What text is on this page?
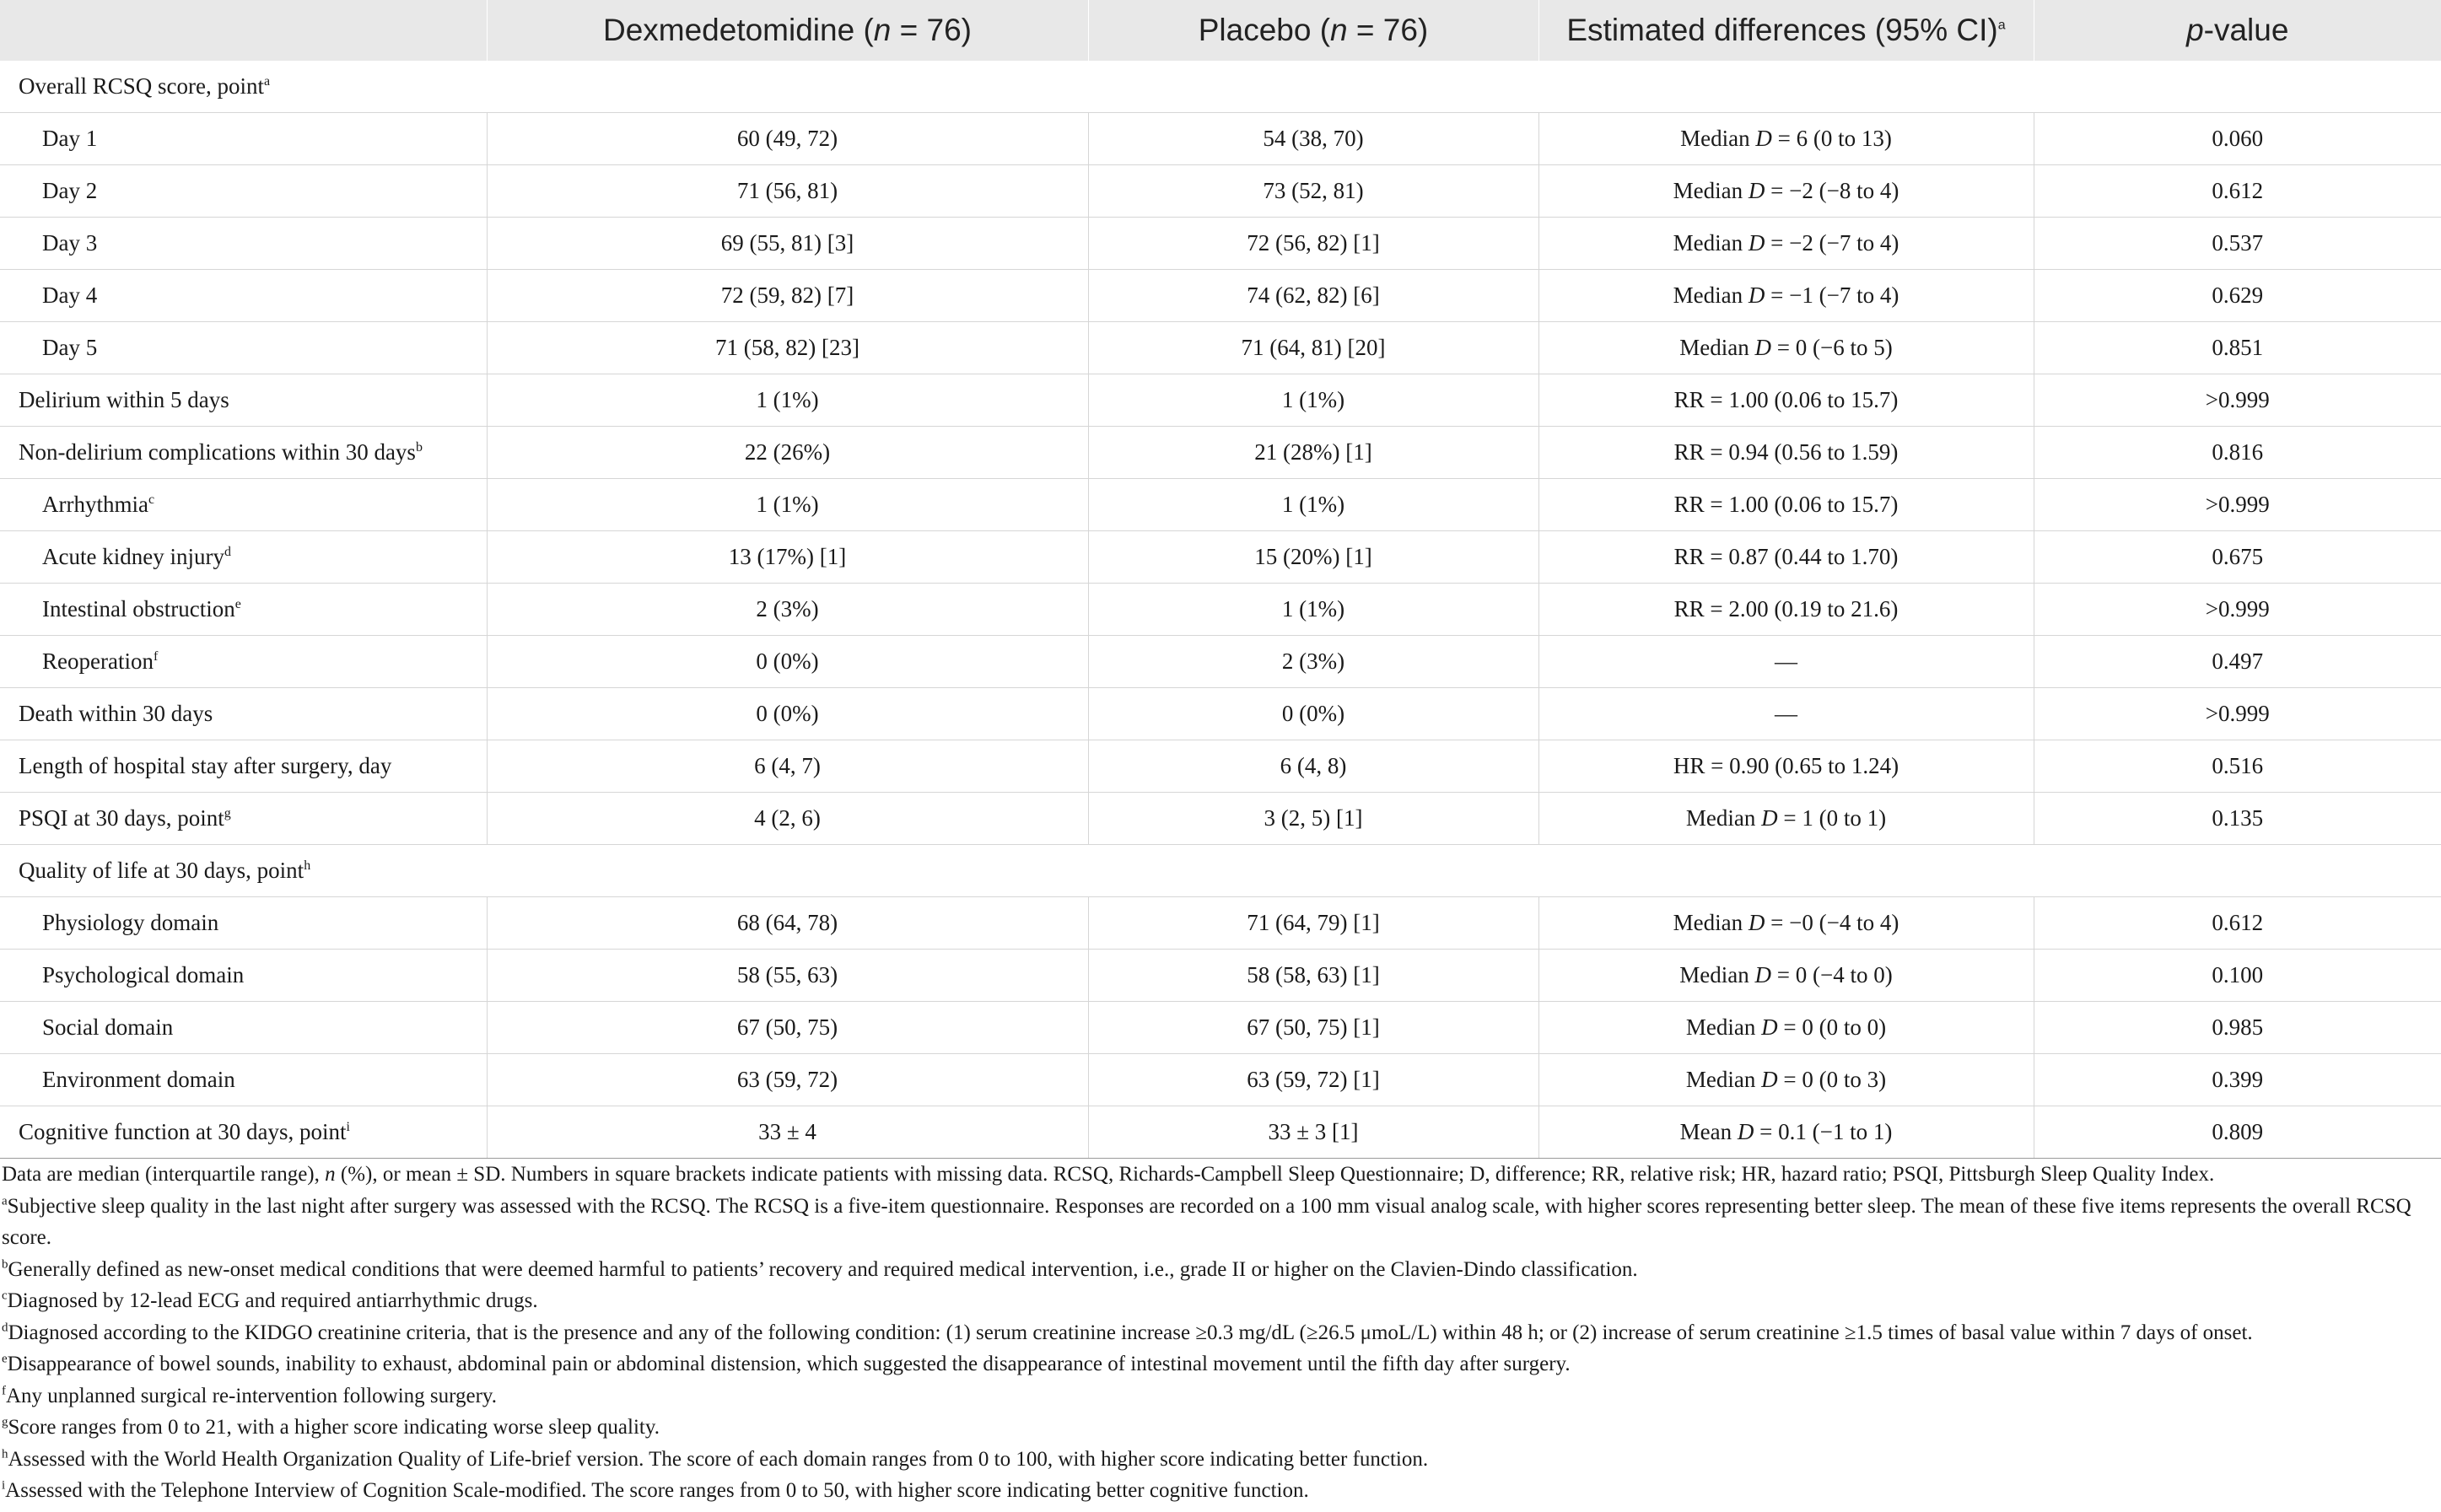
	Dexmedetomidine (n = 76)	Placebo (n = 76)	Estimated differences (95% CI)$^a$	p-value
Overall RCSQ score, point$^a$
Day 1	60 (49, 72)	54 (38, 70)	Median D = 6 (0 to 13)	0.060
Day 2	71 (56, 81)	73 (52, 81)	Median D = −2 (−8 to 4)	0.612
Day 3	69 (55, 81) [3]	72 (56, 82) [1]	Median D = −2 (−7 to 4)	0.537
Day 4	72 (59, 82) [7]	74 (62, 82) [6]	Median D = −1 (−7 to 4)	0.629
Day 5	71 (58, 82) [23]	71 (64, 81) [20]	Median D = 0 (−6 to 5)	0.851
Delirium within 5 days	1 (1%)	1 (1%)	RR = 1.00 (0.06 to 15.7)	>0.999
Non-delirium complications within 30 days$^b$	22 (26%)	21 (28%) [1]	RR = 0.94 (0.56 to 1.59)	0.816
Arrhythmia$^c$	1 (1%)	1 (1%)	RR = 1.00 (0.06 to 15.7)	>0.999
Acute kidney injury$^d$	13 (17%) [1]	15 (20%) [1]	RR = 0.87 (0.44 to 1.70)	0.675
Intestinal obstruction$^e$	2 (3%)	1 (1%)	RR = 2.00 (0.19 to 21.6)	>0.999
Reoperation$^f$	0 (0%)	2 (3%)	—	0.497
Death within 30 days	0 (0%)	0 (0%)	—	>0.999
Length of hospital stay after surgery, day	6 (4, 7)	6 (4, 8)	HR = 0.90 (0.65 to 1.24)	0.516
PSQI at 30 days, point$^g$	4 (2, 6)	3 (2, 5) [1]	Median D = 1 (0 to 1)	0.135
Quality of life at 30 days, point$^h$
Physiology domain	68 (64, 78)	71 (64, 79) [1]	Median D = −0 (−4 to 4)	0.612
Psychological domain	58 (55, 63)	58 (58, 63) [1]	Median D = 0 (−4 to 0)	0.100
Social domain	67 (50, 75)	67 (50, 75) [1]	Median D = 0 (0 to 0)	0.985
Environment domain	63 (59, 72)	63 (59, 72) [1]	Median D = 0 (0 to 3)	0.399
Cognitive function at 30 days, point$^i$	33 ± 4	33 ± 3 [1]	Mean D = 0.1 (−1 to 1)	0.809

Data are median (interquartile range), n (%), or mean ± SD. Numbers in square brackets indicate patients with missing data. RCSQ, Richards-Campbell Sleep Questionnaire; D, difference; RR, relative risk; HR, hazard ratio; PSQI, Pittsburgh Sleep Quality Index.

$^a$Subjective sleep quality in the last night after surgery was assessed with the RCSQ. The RCSQ is a five-item questionnaire. Responses are recorded on a 100 mm visual analog scale, with higher scores representing better sleep. The mean of these five items represents the overall RCSQ score.

$^b$Generally defined as new-onset medical conditions that were deemed harmful to patients’ recovery and required medical intervention, i.e., grade II or higher on the Clavien-Dindo classification.

$^c$Diagnosed by 12-lead ECG and required antiarrhythmic drugs.

$^d$Diagnosed according to the KIDGO creatinine criteria, that is the presence and any of the following condition: (1) serum creatinine increase ≥0.3 mg/dL (≥26.5 μmoL/L) within 48 h; or (2) increase of serum creatinine ≥1.5 times of basal value within 7 days of onset.

$^e$Disappearance of bowel sounds, inability to exhaust, abdominal pain or abdominal distension, which suggested the disappearance of intestinal movement until the fifth day after surgery.

$^f$Any unplanned surgical re-intervention following surgery.

$^g$Score ranges from 0 to 21, with a higher score indicating worse sleep quality.

$^h$Assessed with the World Health Organization Quality of Life-brief version. The score of each domain ranges from 0 to 100, with higher score indicating better function.

$^i$Assessed with the Telephone Interview of Cognition Scale-modified. The score ranges from 0 to 50, with higher score indicating better cognitive function.
